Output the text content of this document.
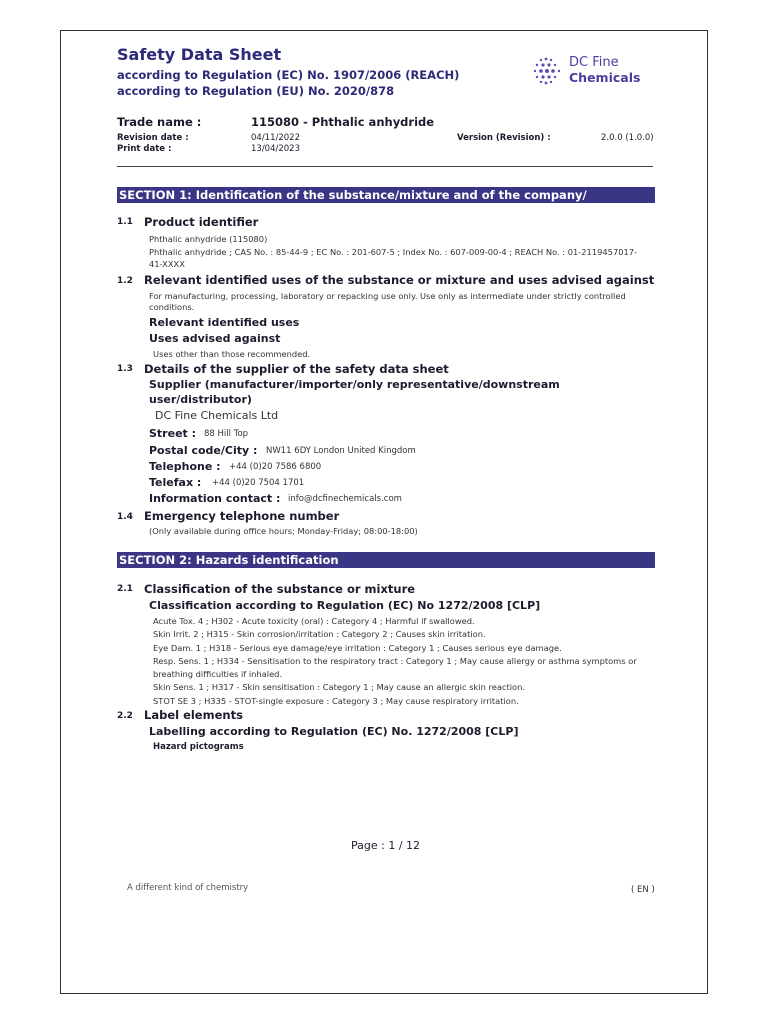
Safety Data Sheet
according to Regulation (EC) No. 1907/2006 (REACH)
according to Regulation (EU) No. 2020/878
DC Fine
Chemicals
Trade name :	115080 - Phthalic anhydride
Revision date :	04/11/2022
Print date :	13/04/2023
Version (Revision) :	2.0.0 (1.0.0)
SECTION 1: Identification of the substance/mixture and of the company/ undertaking
1.1 Product identifier
Phthalic anhydride (115080)
Phthalic anhydride ; CAS No. : 85-44-9 ; EC No. : 201-607-5 ; Index No. : 607-009-00-4 ; REACH No. : 01-2119457017-
41-XXXX
1.2 Relevant identified uses of the substance or mixture and uses advised against
For manufacturing, processing, laboratory or repacking use only. Use only as intermediate under strictly controlled
conditions.
Relevant identified uses
Uses advised against
Uses other than those recommended.
1.3 Details of the supplier of the safety data sheet
Supplier (manufacturer/importer/only representative/downstream
user/distributor)
DC Fine Chemicals Ltd
Street : 88 Hill Top
Postal code/City : NW11 6DY London United Kingdom
Telephone : +44 (0)20 7586 6800
Telefax : +44 (0)20 7504 1701
Information contact : info@dcfinechemicals.com
1.4 Emergency telephone number
(Only available during office hours; Monday-Friday; 08:00-18:00)
SECTION 2: Hazards identification
2.1 Classification of the substance or mixture
Classification according to Regulation (EC) No 1272/2008 [CLP]
Acute Tox. 4 ; H302 - Acute toxicity (oral) : Category 4 ; Harmful if swallowed.
Skin Irrit. 2 ; H315 - Skin corrosion/irritation : Category 2 ; Causes skin irritation.
Eye Dam. 1 ; H318 - Serious eye damage/eye irritation : Category 1 ; Causes serious eye damage.
Resp. Sens. 1 ; H334 - Sensitisation to the respiratory tract : Category 1 ; May cause allergy or asthma symptoms or
breathing difficulties if inhaled.
Skin Sens. 1 ; H317 - Skin sensitisation : Category 1 ; May cause an allergic skin reaction.
STOT SE 3 ; H335 - STOT-single exposure : Category 3 ; May cause respiratory irritation.
2.2 Label elements
Labelling according to Regulation (EC) No. 1272/2008 [CLP]
Hazard pictograms
Page : 1 / 12
A different kind of chemistry	( EN )
